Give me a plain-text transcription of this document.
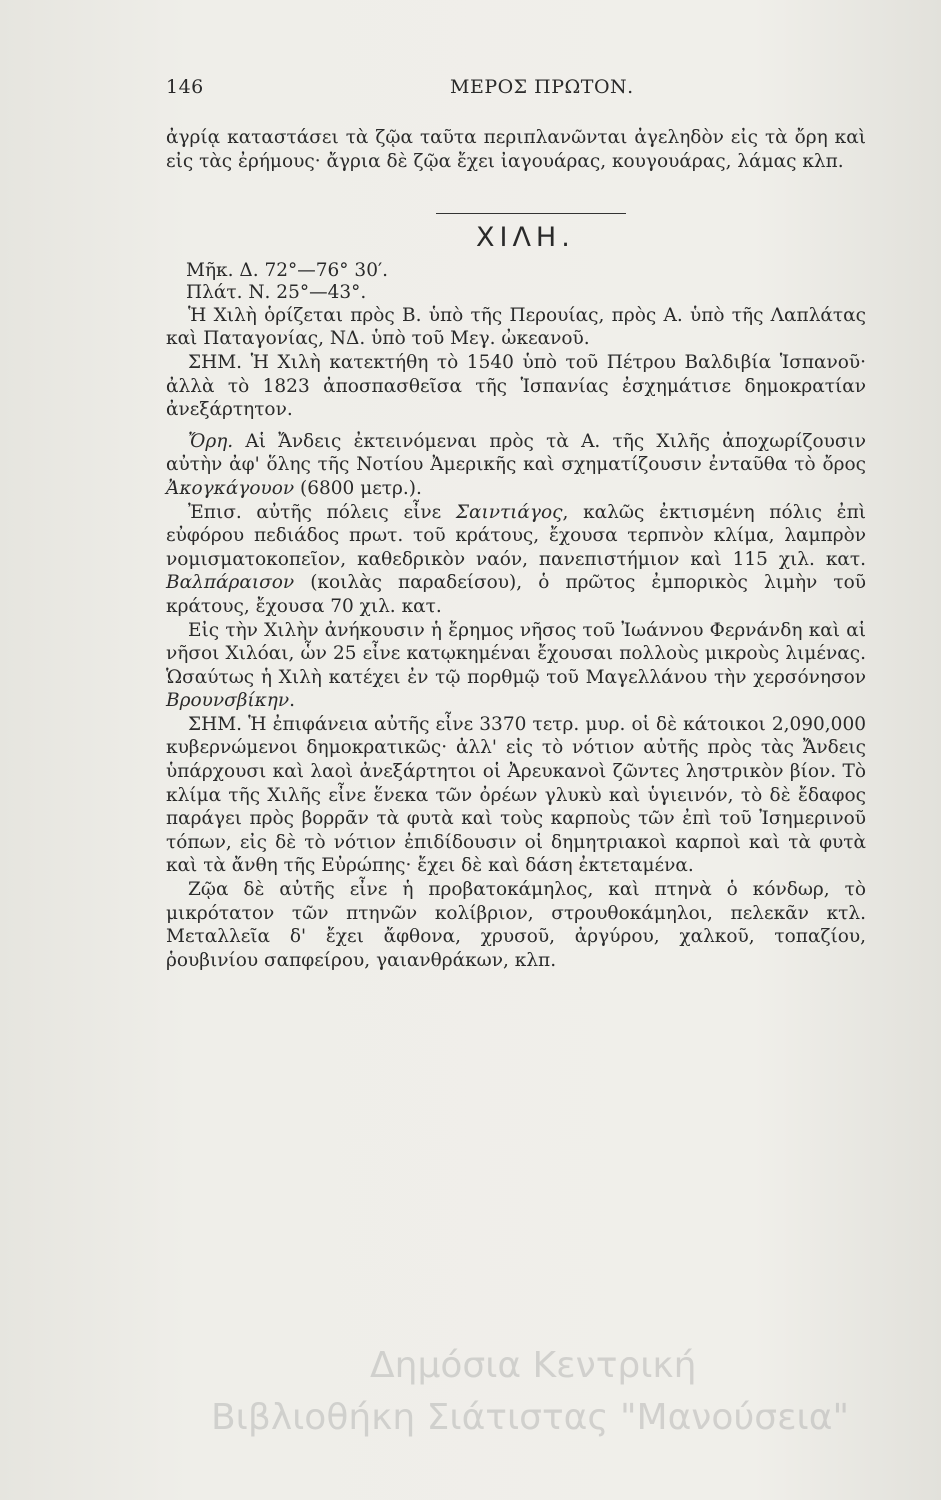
146	ΜΕΡΟΣ ΠΡΩΤΟΝ.

ἀγρίᾳ καταστάσει τὰ ζῷα ταῦτα περιπλανῶνται ἀγεληδὸν εἰς τὰ ὄρη καὶ εἰς τὰς ἐρήμους· ἄγρια δὲ ζῷα ἔχει ἰαγουάρας, κουγουάρας, λάμας κλπ.

ΧΙΛΗ.
Μῆκ. Δ. 72°—76° 30′.
Πλάτ. Ν. 25°—43°.

Ἡ Χιλὴ ὁρίζεται πρὸς Β. ὑπὸ τῆς Περουίας, πρὸς Α. ὑπὸ τῆς Λαπλάτας καὶ Παταγονίας, ΝΔ. ὑπὸ τοῦ Μεγ. ὠκεανοῦ.

ΣΗΜ. Ἡ Χιλὴ κατεκτήθη τὸ 1540 ὑπὸ τοῦ Πέτρου Βαλδιβία Ἱσπανοῦ· ἀλλὰ τὸ 1823 ἀποσπασθεῖσα τῆς Ἱσπανίας ἐσχημάτισε δημοκρατίαν ἀνεξάρτητον.

Ὄρη. Αἱ Ἄνδεις ἐκτεινόμεναι πρὸς τὰ Α. τῆς Χιλῆς ἀποχωρίζουσιν αὐτὴν ἀφ' ὅλης τῆς Νοτίου Ἀμερικῆς καὶ σχηματίζουσιν ἐνταῦθα τὸ ὄρος Ἀκογκάγουον (6800 μετρ.).

Ἐπισ. αὐτῆς πόλεις εἶνε Σαιντιάγος, καλῶς ἐκτισμένη πόλις ἐπὶ εὐφόρου πεδιάδος πρωτ. τοῦ κράτους, ἔχουσα τερπνὸν κλίμα, λαμπρὸν νομισματοκοπεῖον, καθεδρικὸν ναόν, πανεπιστήμιον καὶ 115 χιλ. κατ. Βαλπάραισον (κοιλὰς παραδείσου), ὁ πρῶτος ἐμπορικὸς λιμὴν τοῦ κράτους, ἔχουσα 70 χιλ. κατ.

Εἰς τὴν Χιλὴν ἀνήκουσιν ἡ ἔρημος νῆσος τοῦ Ἰωάννου Φερνάνδη καὶ αἱ νῆσοι Χιλόαι, ὧν 25 εἶνε κατῳκημέναι ἔχουσαι πολλοὺς μικροὺς λιμένας. Ὡσαύτως ἡ Χιλὴ κατέχει ἐν τῷ πορθμῷ τοῦ Μαγελλάνου τὴν χερσόνησον Βρουνσβίκην.

ΣΗΜ. Ἡ ἐπιφάνεια αὐτῆς εἶνε 3370 τετρ. μυρ. οἱ δὲ κάτοικοι 2,090,000 κυβερνώμενοι δημοκρατικῶς· ἀλλ' εἰς τὸ νότιον αὐτῆς πρὸς τὰς Ἄνδεις ὑπάρχουσι καὶ λαοὶ ἀνεξάρτητοι οἱ Ἀρευκανοὶ ζῶντες ληστρικὸν βίον. Τὸ κλίμα τῆς Χιλῆς εἶνε ἕνεκα τῶν ὀρέων γλυκὺ καὶ ὑγιεινόν, τὸ δὲ ἔδαφος παράγει πρὸς βορρᾶν τὰ φυτὰ καὶ τοὺς καρποὺς τῶν ἐπὶ τοῦ Ἰσημερινοῦ τόπων, εἰς δὲ τὸ νότιον ἐπιδίδουσιν οἱ δημητριακοὶ καρποὶ καὶ τὰ φυτὰ καὶ τὰ ἄνθη τῆς Εὐρώπης· ἔχει δὲ καὶ δάση ἐκτεταμένα.

Ζῷα δὲ αὐτῆς εἶνε ἡ προβατοκάμηλος, καὶ πτηνὰ ὁ κόνδωρ, τὸ μικρότατον τῶν πτηνῶν κολίβριον, στρουθοκάμηλοι, πελεκᾶν κτλ. Μεταλλεῖα δ' ἔχει ἄφθονα, χρυσοῦ, ἀργύρου, χαλκοῦ, τοπαζίου, ῥουβινίου σαπφείρου, γαιανθράκων, κλπ.

Δημόσια Κεντρική
Βιβλιοθήκη Σιάτιστας "Μανούσεια"
